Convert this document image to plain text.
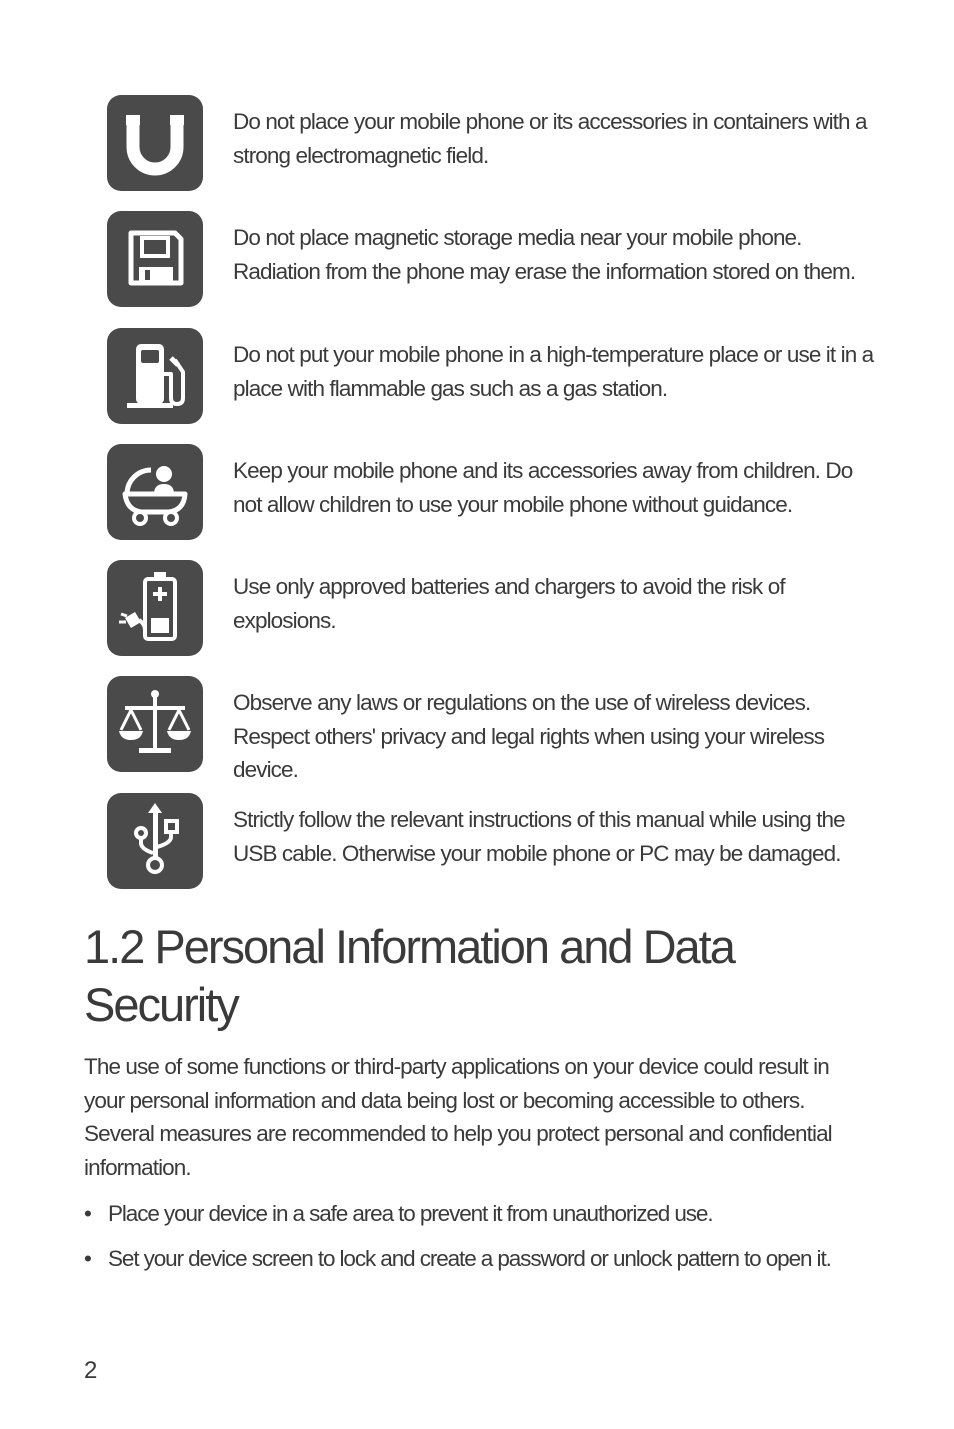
Do not place your mobile phone or its accessories in containers with a strong electromagnetic field.
Do not place magnetic storage media near your mobile phone. Radiation from the phone may erase the information stored on them.
Do not put your mobile phone in a high-temperature place or use it in a place with flammable gas such as a gas station.
Keep your mobile phone and its accessories away from children. Do not allow children to use your mobile phone without guidance.
Use only approved batteries and chargers to avoid the risk of explosions.
Observe any laws or regulations on the use of wireless devices. Respect others' privacy and legal rights when using your wireless device.
Strictly follow the relevant instructions of this manual while using the USB cable. Otherwise your mobile phone or PC may be damaged.
1.2 Personal Information and Data Security

The use of some functions or third-party applications on your device could result in your personal information and data being lost or becoming accessible to others. Several measures are recommended to help you protect personal and confidential information.

• Place your device in a safe area to prevent it from unauthorized use.
• Set your device screen to lock and create a password or unlock pattern to open it.
2
